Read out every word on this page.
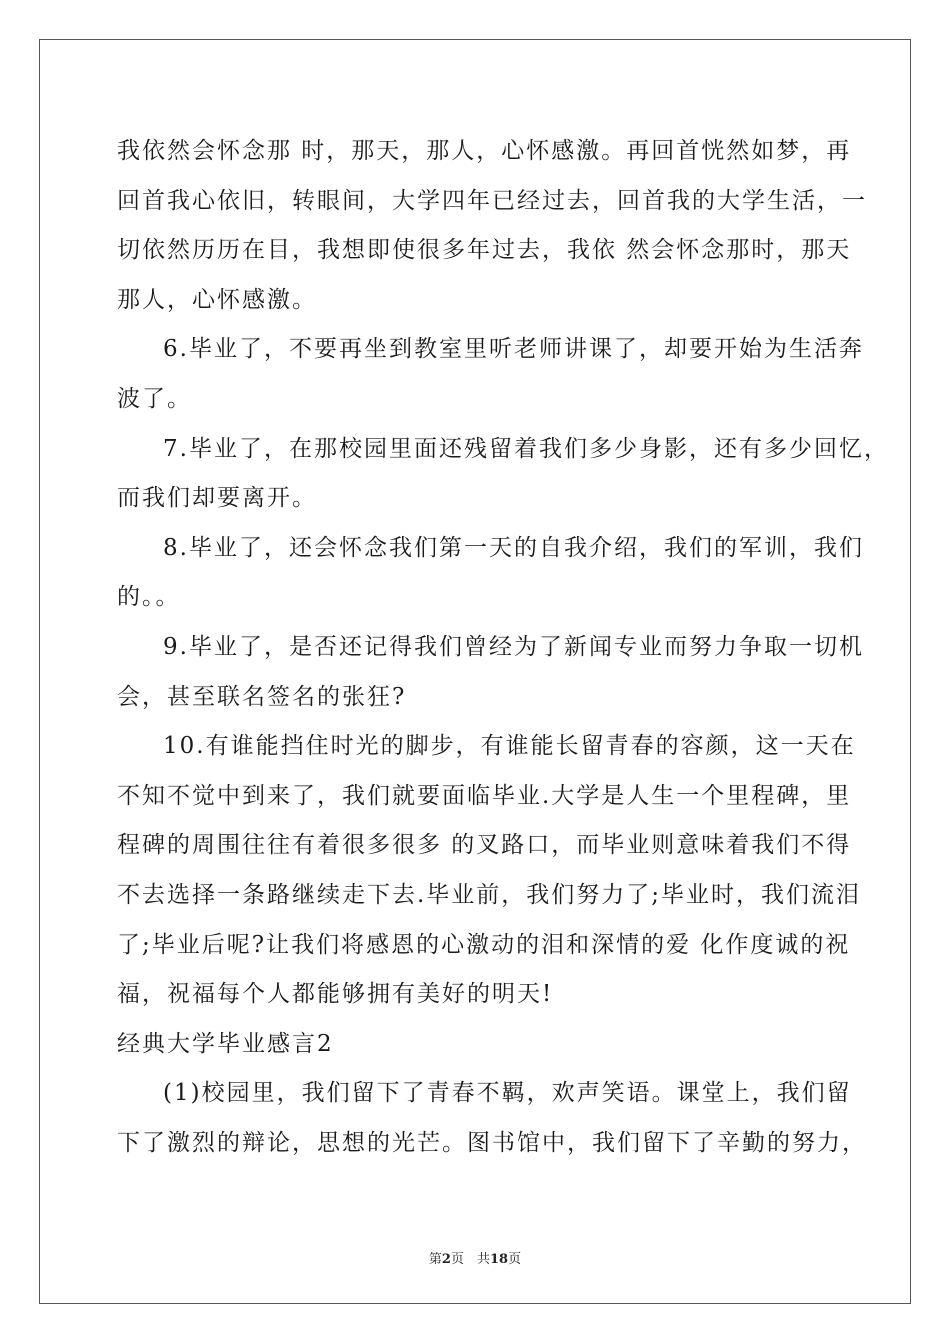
我依然会怀念那 时，那天，那人，心怀感激。再回首恍然如梦，再
回首我心依旧，转眼间，大学四年已经过去，回首我的大学生活，一
切依然历历在目，我想即使很多年过去，我依 然会怀念那时，那天
那人，心怀感激。
6.毕业了，不要再坐到教室里听老师讲课了，却要开始为生活奔
波了。
7.毕业了，在那校园里面还残留着我们多少身影，还有多少回忆，
而我们却要离开。
8.毕业了，还会怀念我们第一天的自我介绍，我们的军训，我们
的。。
9.毕业了，是否还记得我们曾经为了新闻专业而努力争取一切机
会，甚至联名签名的张狂?
10.有谁能挡住时光的脚步，有谁能长留青春的容颜，这一天在
不知不觉中到来了，我们就要面临毕业.大学是人生一个里程碑，里
程碑的周围往往有着很多很多 的叉路口，而毕业则意味着我们不得
不去选择一条路继续走下去.毕业前，我们努力了;毕业时，我们流泪
了;毕业后呢?让我们将感恩的心激动的泪和深情的爱 化作度诚的祝
福，祝福每个人都能够拥有美好的明天!
经典大学毕业感言2
(1)校园里，我们留下了青春不羁，欢声笑语。课堂上，我们留
下了激烈的辩论，思想的光芒。图书馆中，我们留下了辛勤的努力，
第2页　共18页
